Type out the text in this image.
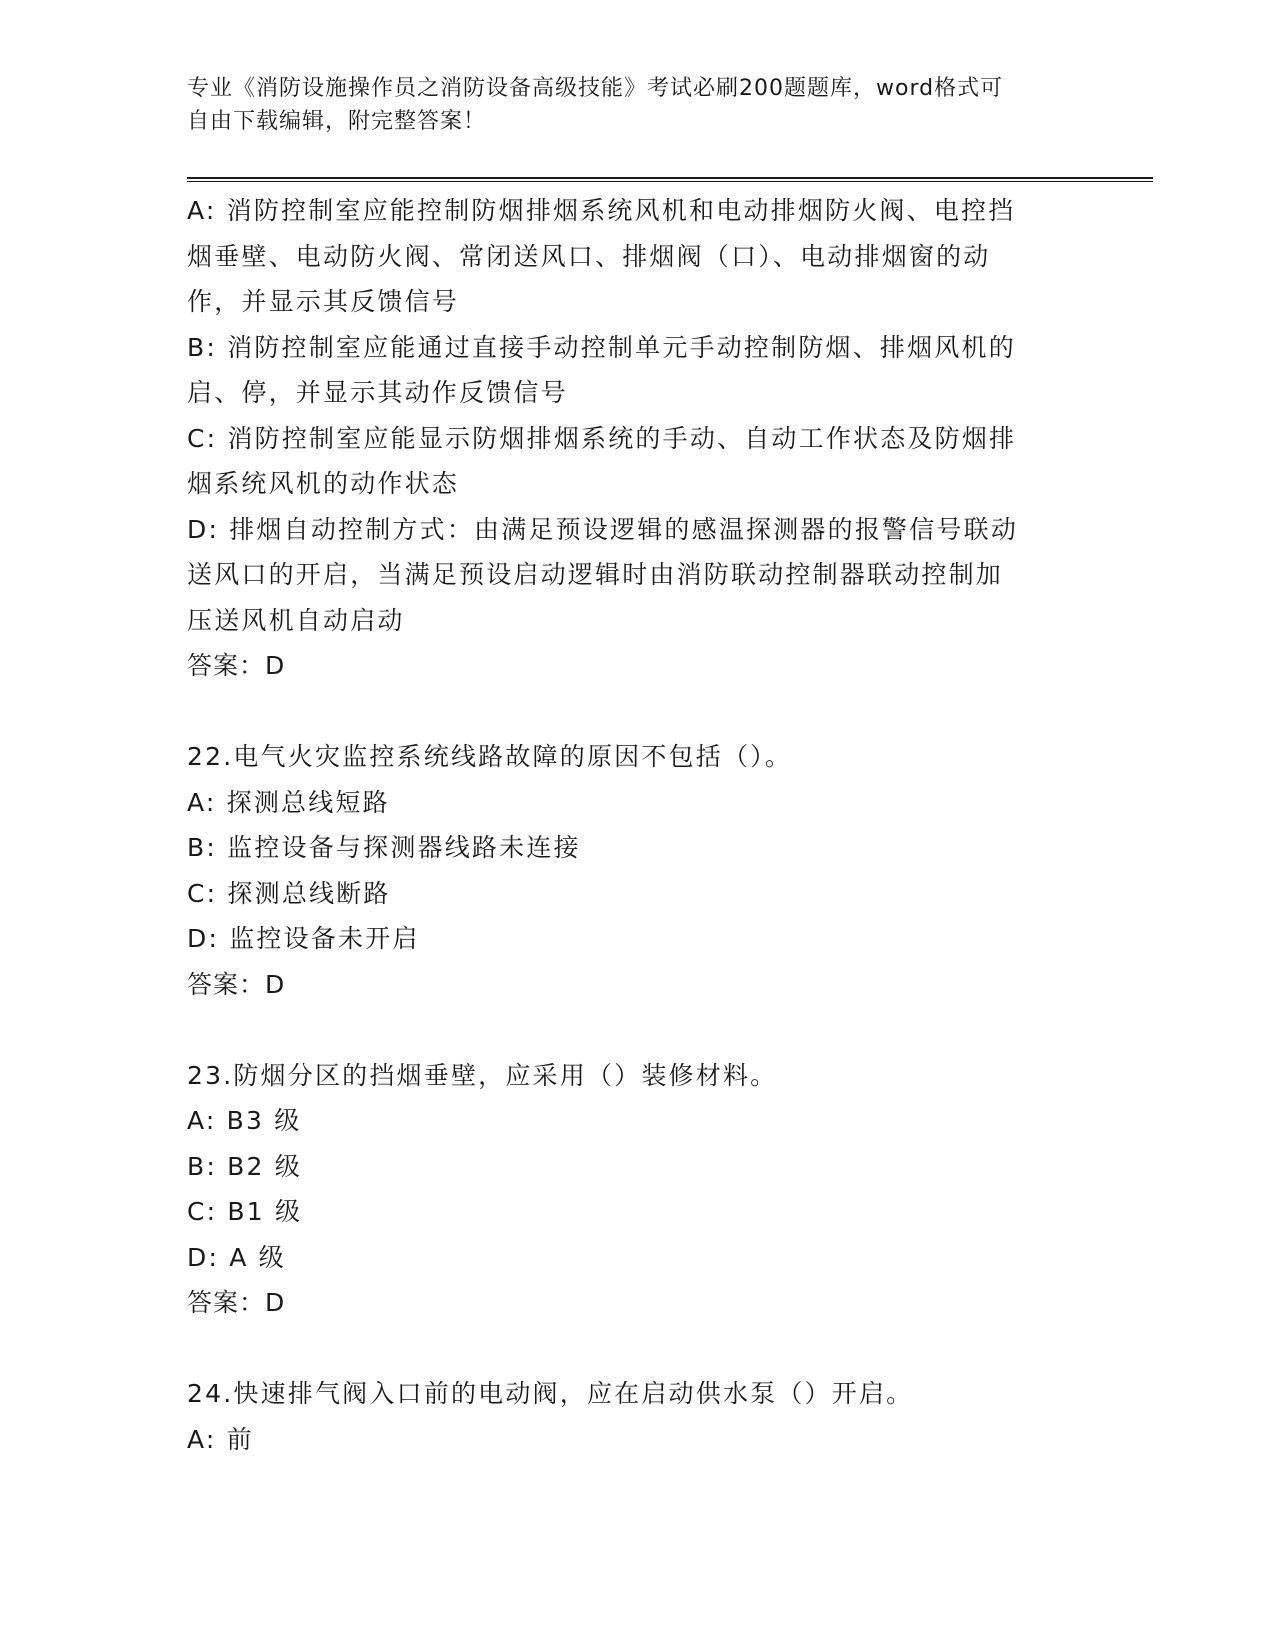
专业《消防设施操作员之消防设备高级技能》考试必刷200题题库，word格式可
自由下载编辑，附完整答案！
A: 消防控制室应能控制防烟排烟系统风机和电动排烟防火阀、电控挡
烟垂壁、电动防火阀、常闭送风口、排烟阀（口）、电动排烟窗的动
作，并显示其反馈信号
B: 消防控制室应能通过直接手动控制单元手动控制防烟、排烟风机的
启、停，并显示其动作反馈信号
C: 消防控制室应能显示防烟排烟系统的手动、自动工作状态及防烟排
烟系统风机的动作状态
D: 排烟自动控制方式：由满足预设逻辑的感温探测器的报警信号联动
送风口的开启，当满足预设启动逻辑时由消防联动控制器联动控制加
压送风机自动启动
答案：D
22.电气火灾监控系统线路故障的原因不包括（）。
A: 探测总线短路
B: 监控设备与探测器线路未连接
C: 探测总线断路
D: 监控设备未开启
答案：D
23.防烟分区的挡烟垂壁，应采用（）装修材料。
A: B3 级
B: B2 级
C: B1 级
D: A 级
答案：D
24.快速排气阀入口前的电动阀，应在启动供水泵（）开启。
A: 前
